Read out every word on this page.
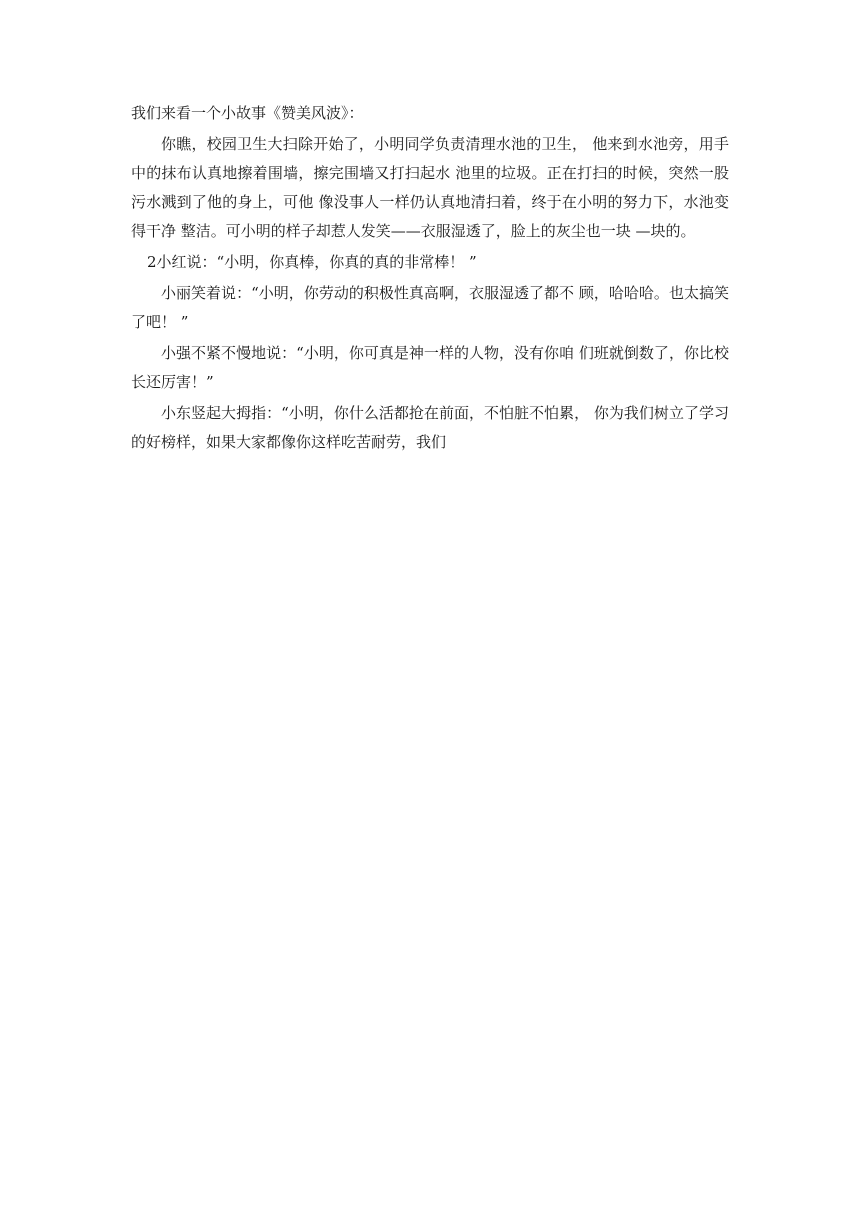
我们来看一个小故事《赞美风波》：

你瞧，校园卫生大扫除开始了，小明同学负责清理水池的卫生， 他来到水池旁，用手中的抹布认真地擦着围墙，擦完围墙又打扫起水 池里的垃圾。正在打扫的时候，突然一股污水溅到了他的身上，可他 像没事人一样仍认真地清扫着，终于在小明的努力下，水池变得干净 整洁。可小明的样子却惹人发笑——衣服湿透了，脸上的灰尘也一块 —块的。

2小红说：“小明，你真棒，你真的真的非常棒！ ”

小丽笑着说：“小明，你劳动的积极性真高啊，衣服湿透了都不 顾，哈哈哈。也太搞笑了吧！ ”

小强不紧不慢地说：“小明，你可真是神一样的人物，没有你咱 们班就倒数了，你比校长还厉害！”

小东竖起大拇指：“小明，你什么活都抢在前面，不怕脏不怕累， 你为我们树立了学习的好榜样，如果大家都像你这样吃苦耐劳，我们
